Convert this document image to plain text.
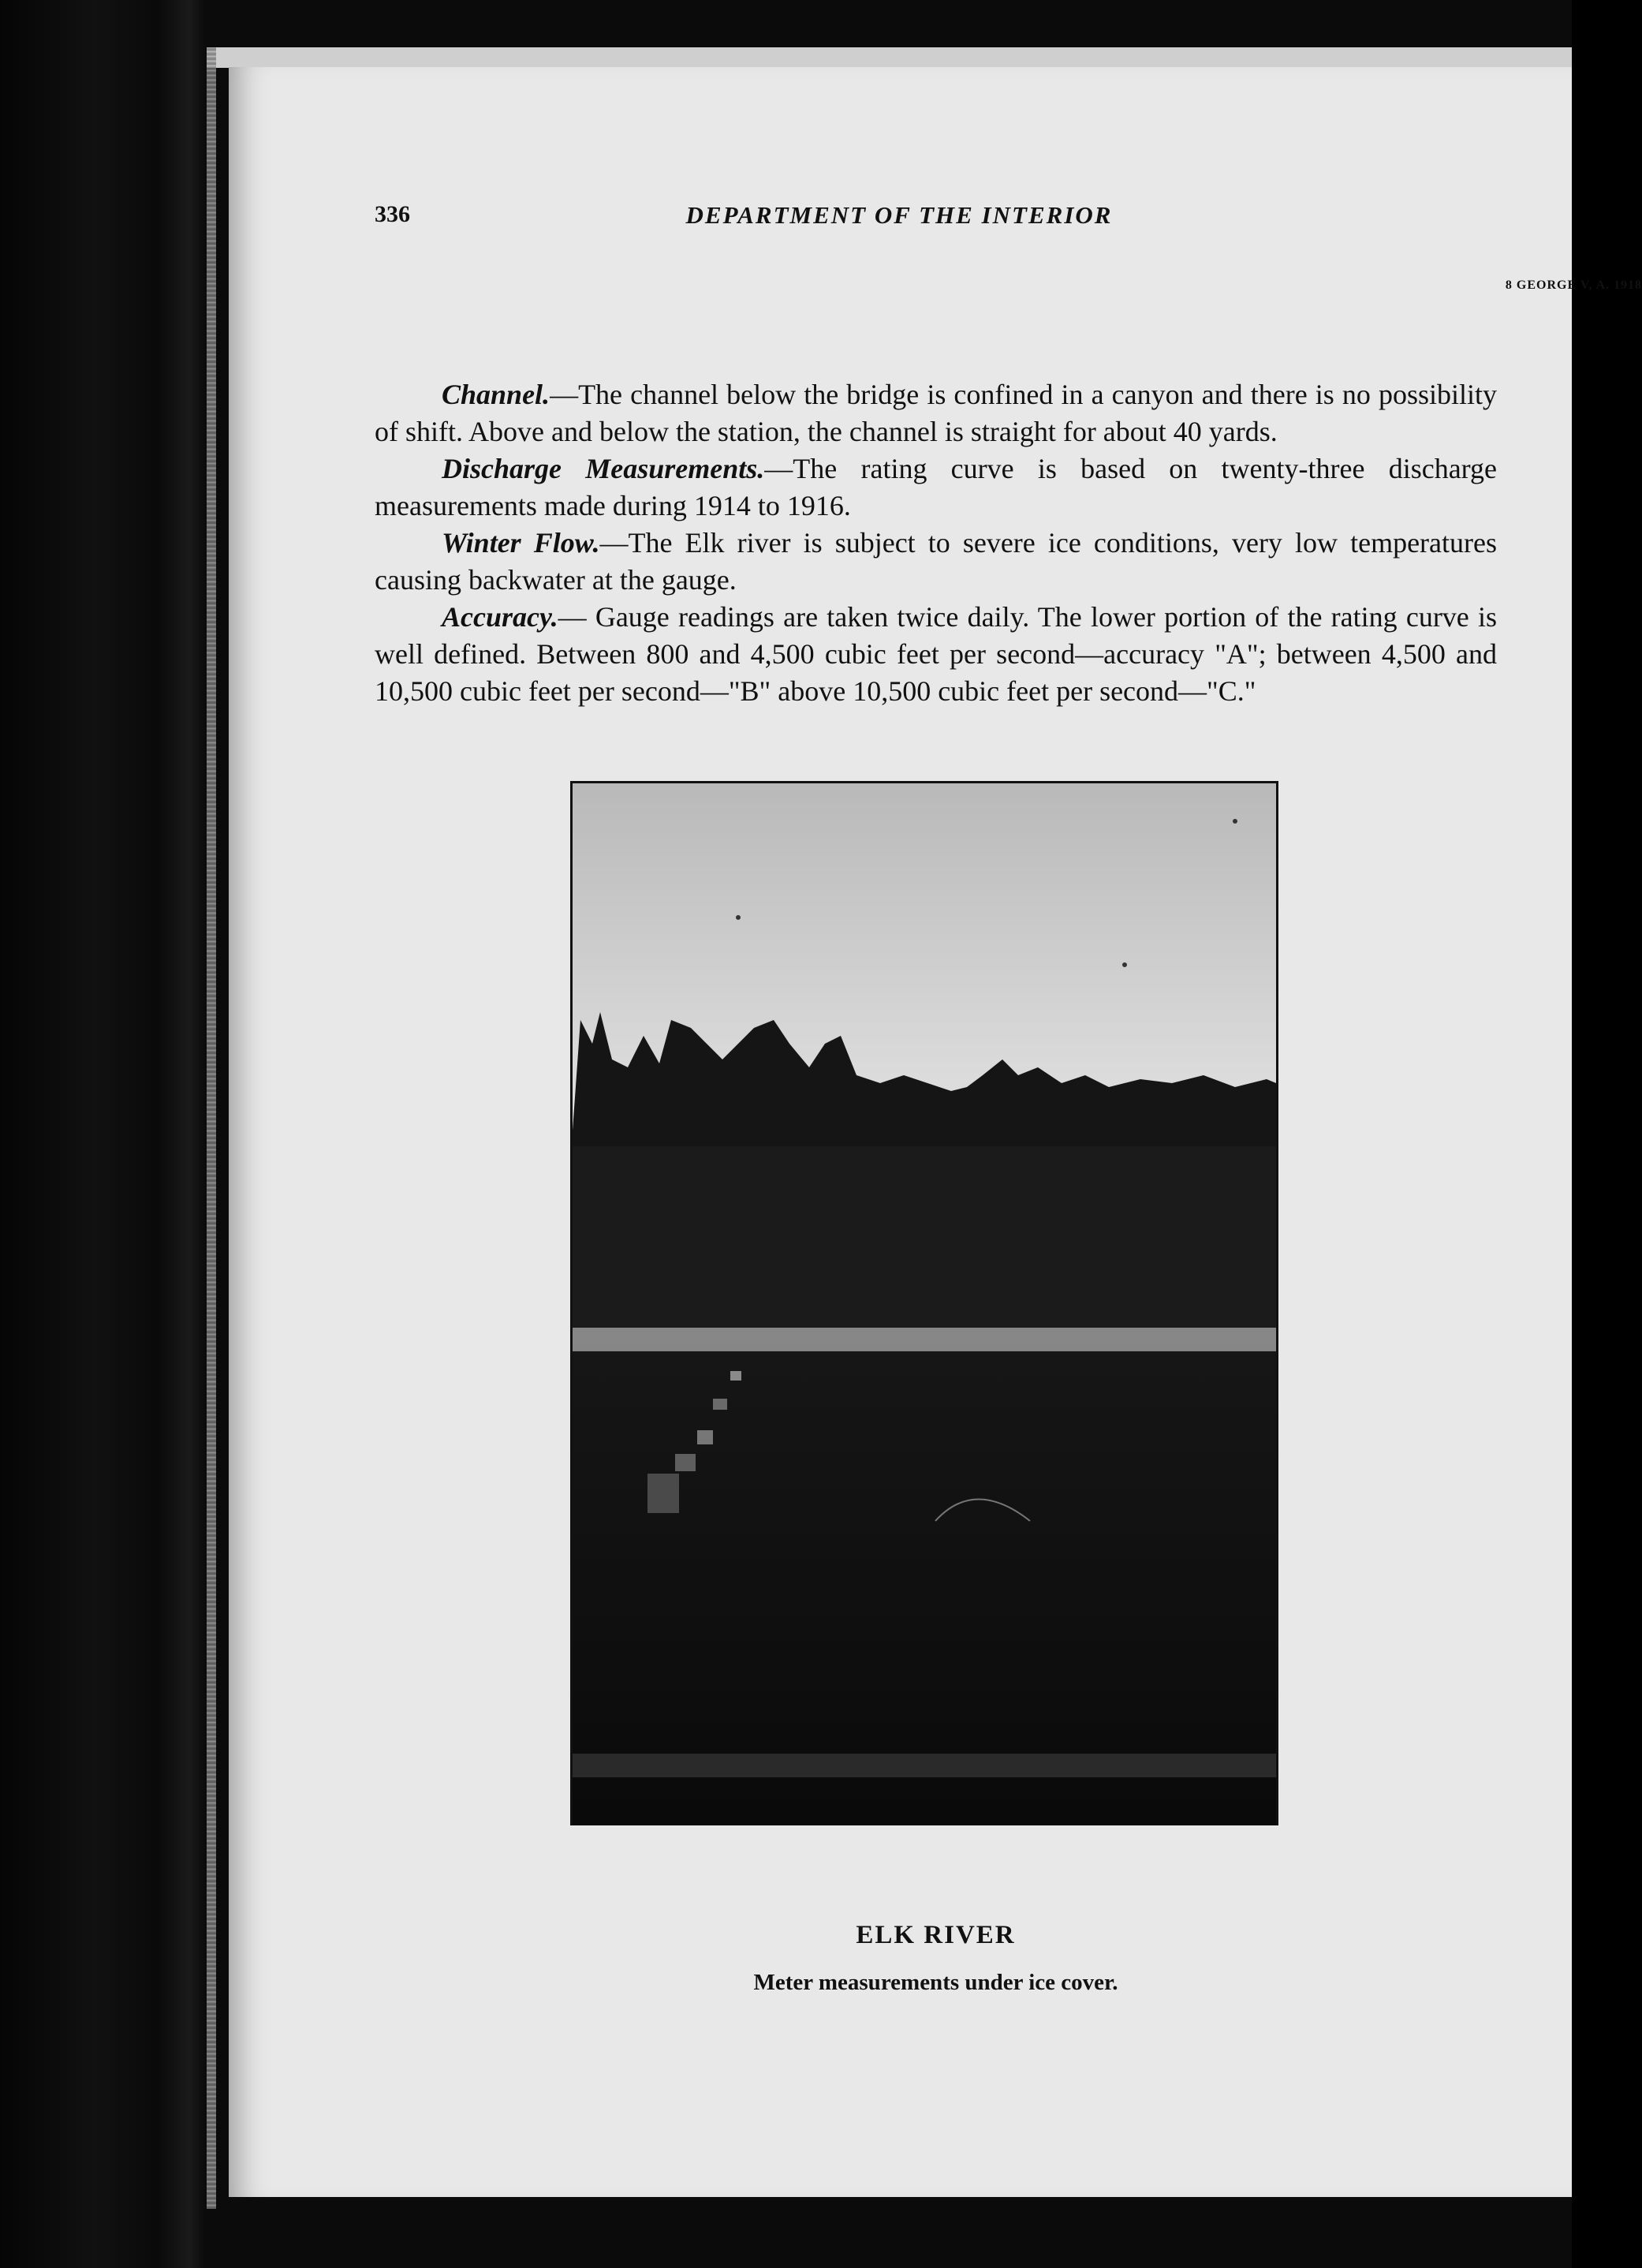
336	DEPARTMENT OF THE INTERIOR
8 GEORGE V, A. 1918

Channel.—The channel below the bridge is confined in a canyon and there is no possibility of shift. Above and below the station, the channel is straight for about 40 yards.

Discharge Measurements.—The rating curve is based on twenty-three discharge measurements made during 1914 to 1916.

Winter Flow.—The Elk river is subject to severe ice conditions, very low temperatures causing backwater at the gauge.

Accuracy.— Gauge readings are taken twice daily. The lower portion of the rating curve is well defined. Between 800 and 4,500 cubic feet per second—accuracy "A"; between 4,500 and 10,500 cubic feet per second—"B" above 10,500 cubic feet per second—"C."

ELK RIVER
Meter measurements under ice cover.
